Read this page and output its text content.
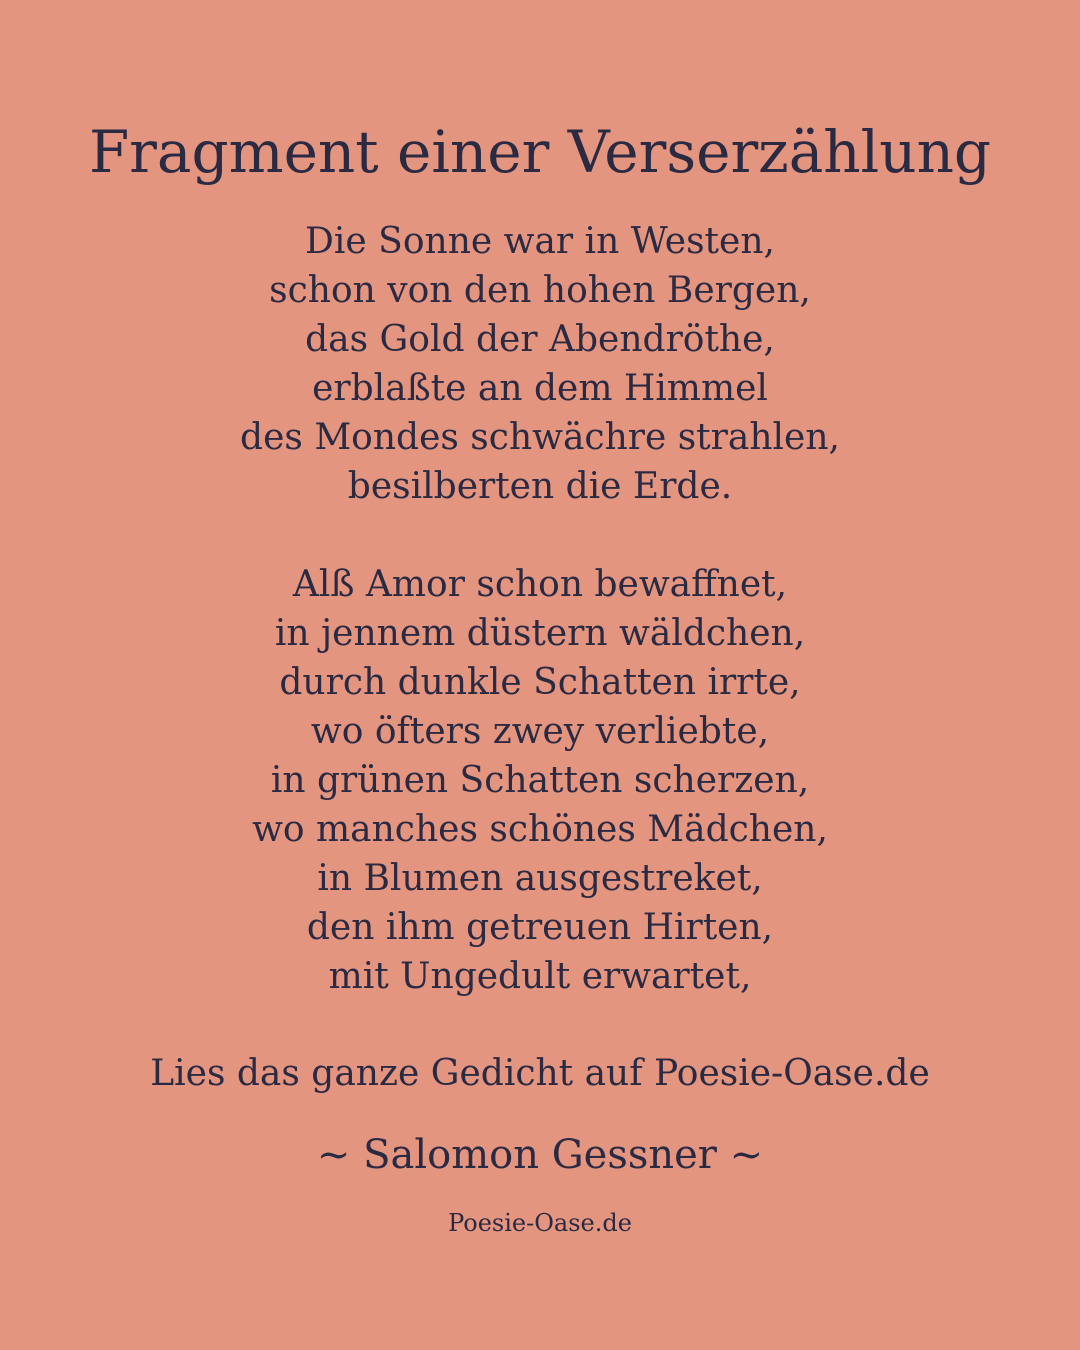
Fragment einer Verserzählung
Die Sonne war in Westen,
schon von den hohen Bergen,
das Gold der Abendröthe,
erblaßte an dem Himmel
des Mondes schwächre strahlen,
besilberten die Erde.
Alß Amor schon bewaffnet,
in jennem düstern wäldchen,
durch dunkle Schatten irrte,
wo öfters zwey verliebte,
in grünen Schatten scherzen,
wo manches schönes Mädchen,
in Blumen ausgestreket,
den ihm getreuen Hirten,
mit Ungedult erwartet,
Lies das ganze Gedicht auf Poesie-Oase.de
~ Salomon Gessner ~
Poesie-Oase.de
